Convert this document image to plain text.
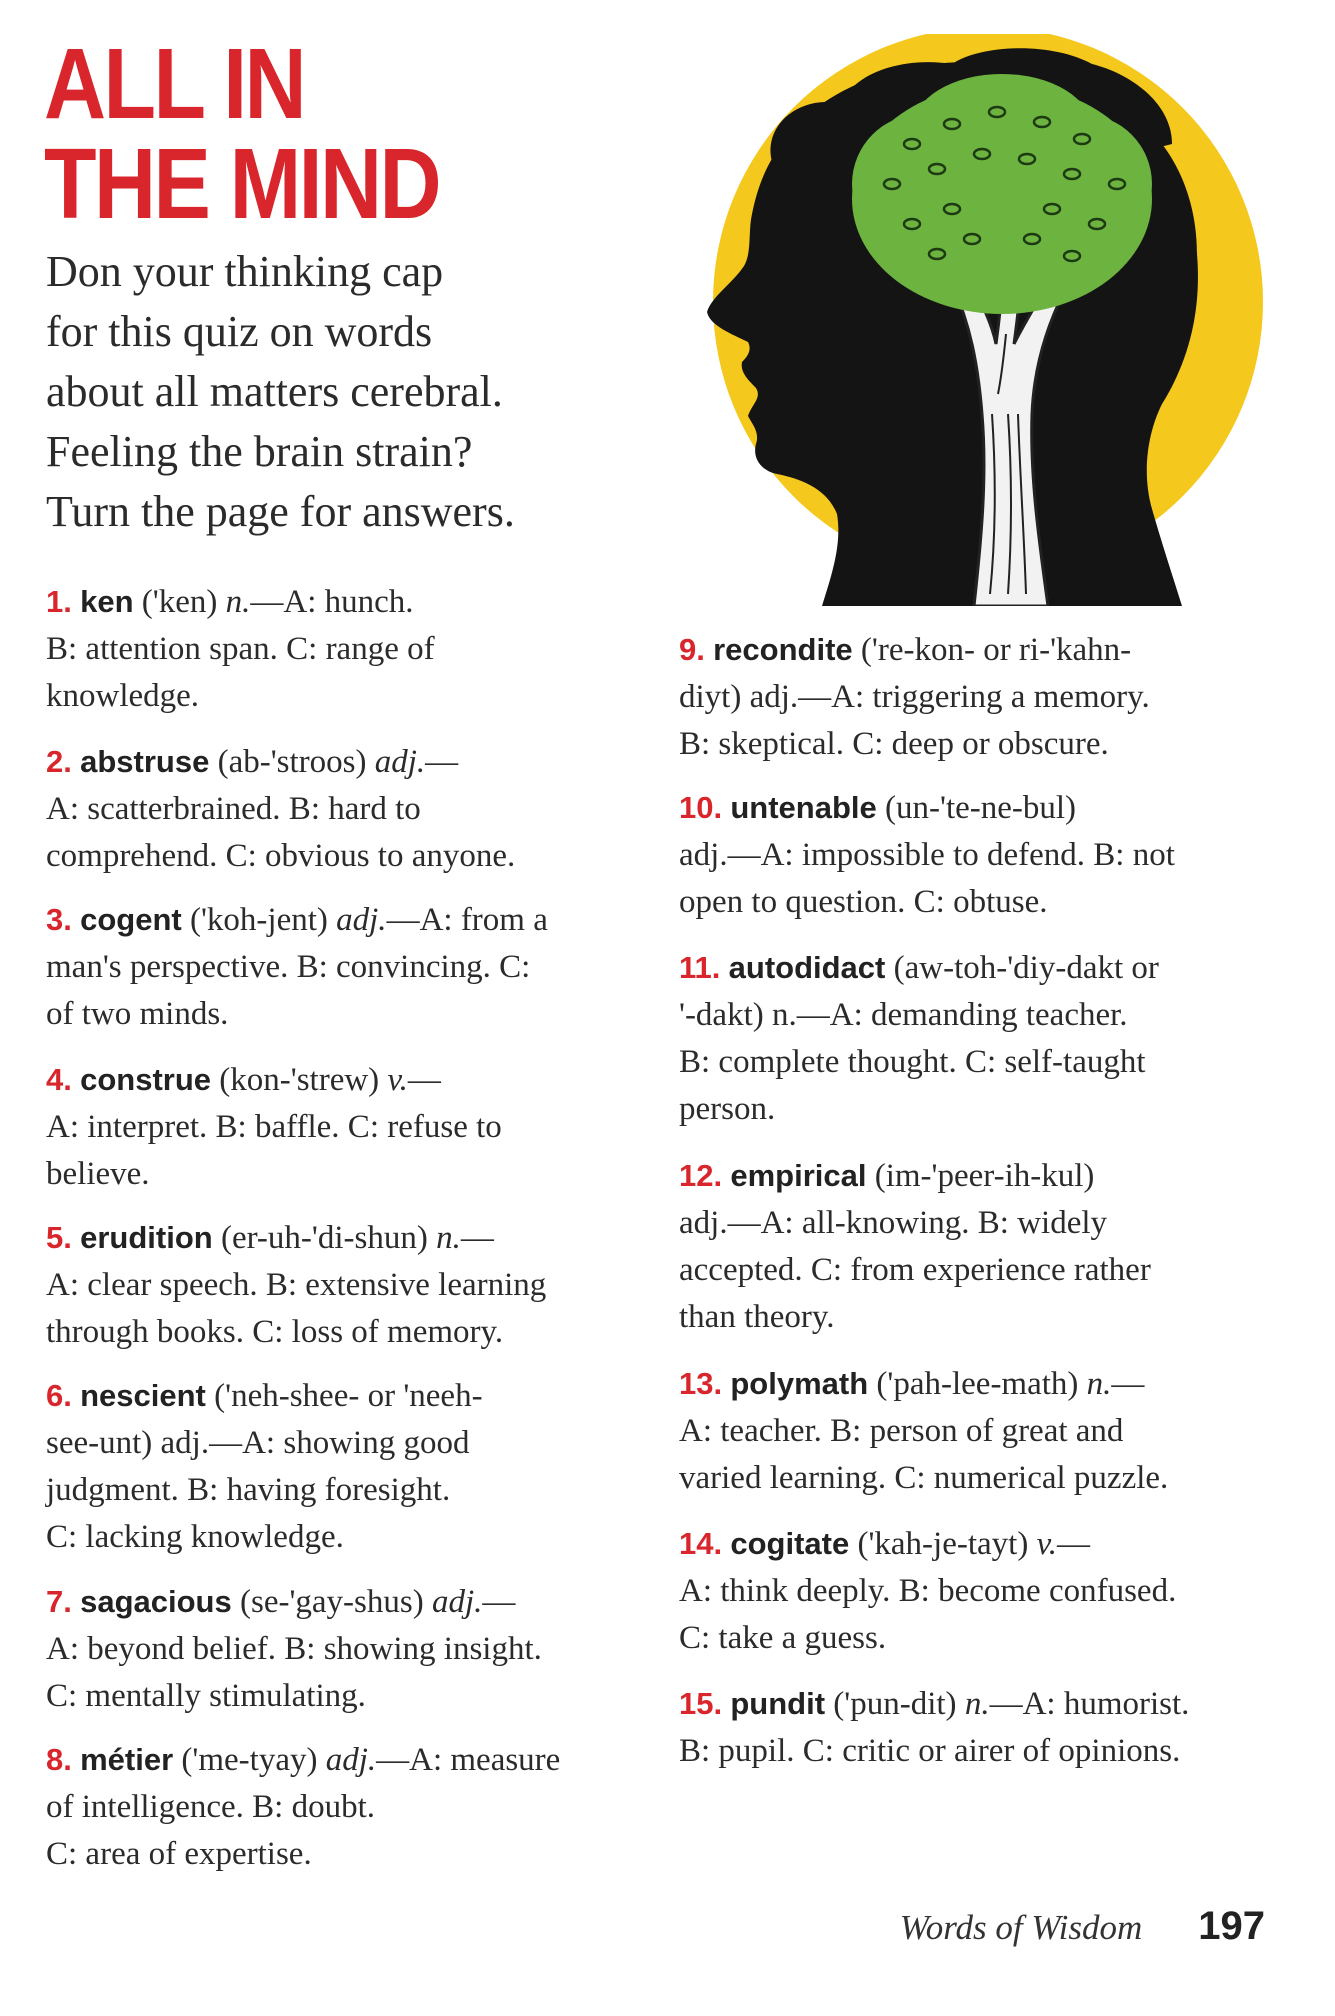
ALL IN
THE MIND

Don your thinking cap
for this quiz on words
about all matters cerebral.
Feeling the brain strain?
Turn the page for answers.

1. ken ('ken) n.—A: hunch.
B: attention span. C: range of
knowledge.
2. abstruse (ab-'stroos) adj.—
A: scatterbrained. B: hard to
comprehend. C: obvious to anyone.
3. cogent ('koh-jent) adj.—A: from a
man's perspective. B: convincing. C:
of two minds.
4. construe (kon-'strew) v.—
A: interpret. B: baffle. C: refuse to
believe.
5. erudition (er-uh-'di-shun) n.—
A: clear speech. B: extensive learning
through books. C: loss of memory.
6. nescient ('neh-shee- or 'neeh-
see-unt) adj.—A: showing good
judgment. B: having foresight.
C: lacking knowledge.
7. sagacious (se-'gay-shus) adj.—
A: beyond belief. B: showing insight.
C: mentally stimulating.
8. métier ('me-tyay) adj.—A: measure
of intelligence. B: doubt.
C: area of expertise.
9. recondite ('re-kon- or ri-'kahn-
diyt) adj.—A: triggering a memory.
B: skeptical. C: deep or obscure.
10. untenable (un-'te-ne-bul)
adj.—A: impossible to defend. B: not
open to question. C: obtuse.
11. autodidact (aw-toh-'diy-dakt or
'-dakt) n.—A: demanding teacher.
B: complete thought. C: self-taught
person.
12. empirical (im-'peer-ih-kul)
adj.—A: all-knowing. B: widely
accepted. C: from experience rather
than theory.
13. polymath ('pah-lee-math) n.—
A: teacher. B: person of great and
varied learning. C: numerical puzzle.
14. cogitate ('kah-je-tayt) v.—
A: think deeply. B: become confused.
C: take a guess.
15. pundit ('pun-dit) n.—A: humorist.
B: pupil. C: critic or airer of opinions.
Words of Wisdom 197
